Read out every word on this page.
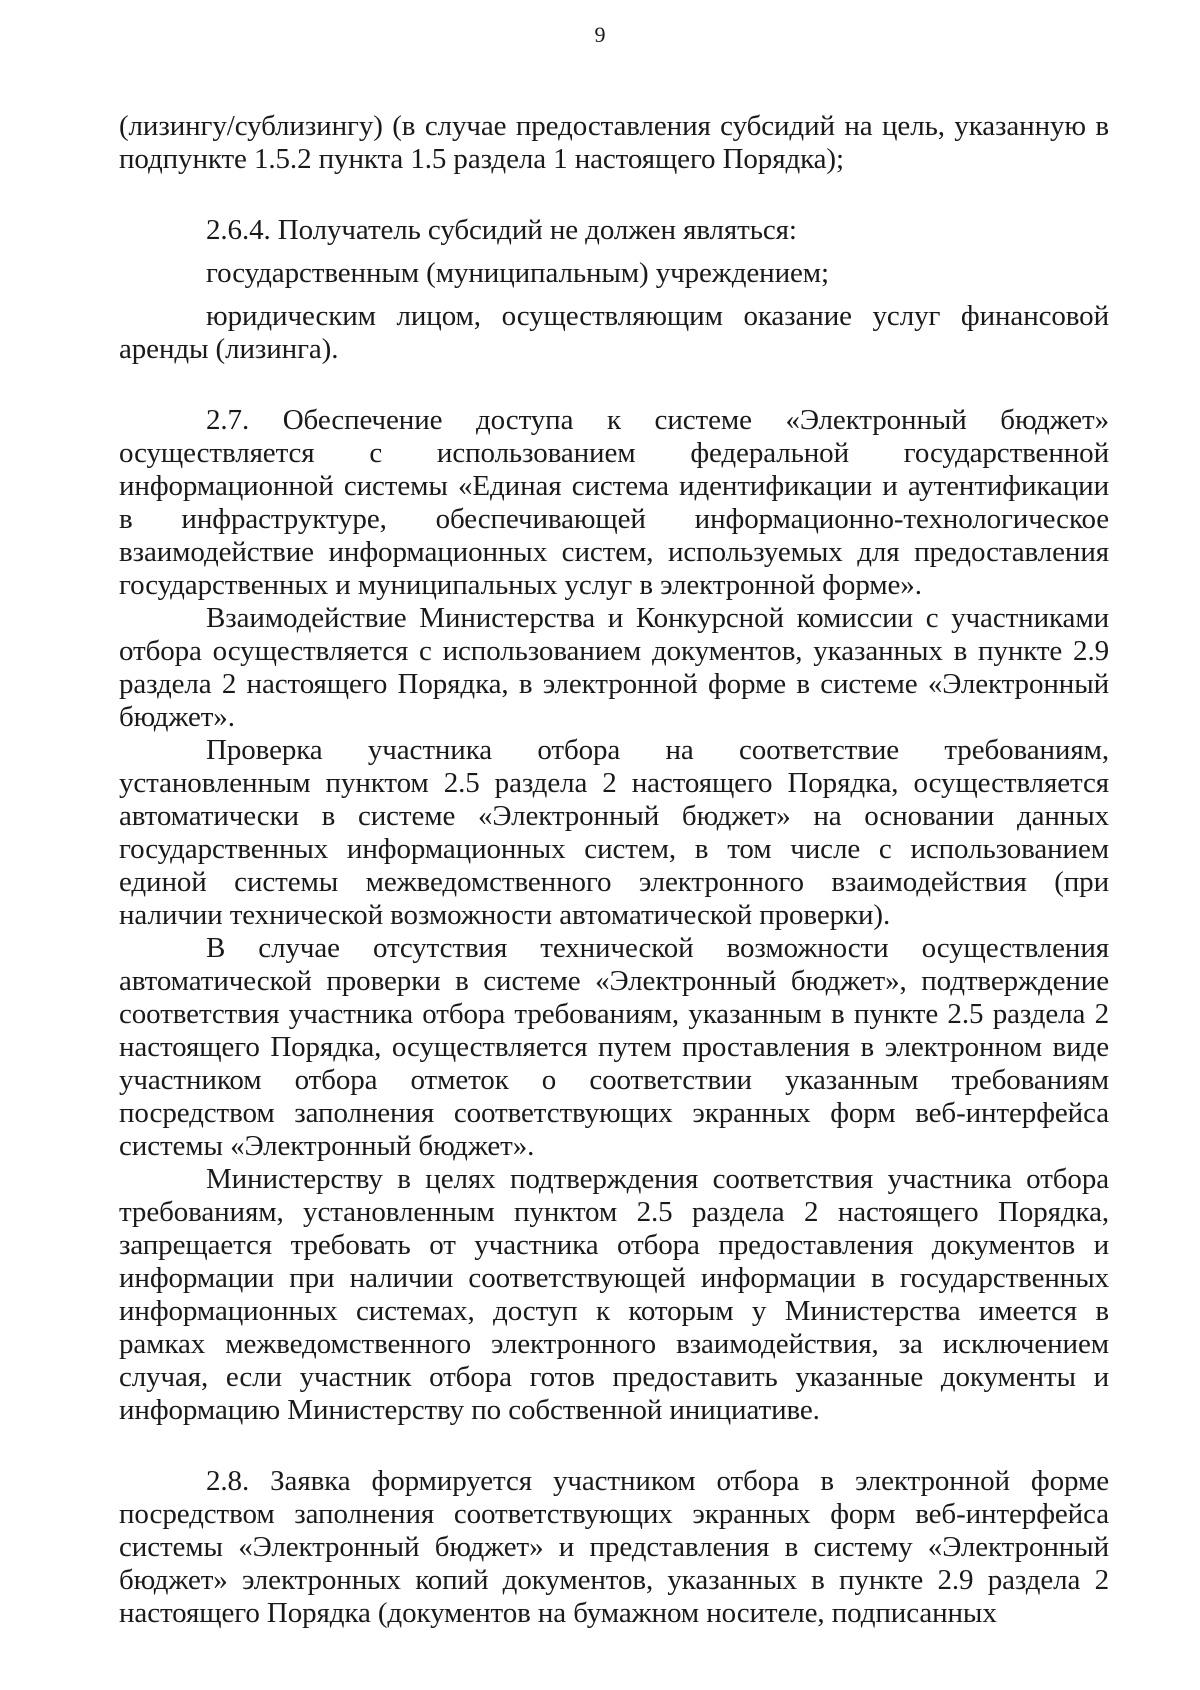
9

(лизингу/сублизингу) (в случае предоставления субсидий на цель, указанную в подпункте 1.5.2 пункта 1.5 раздела 1 настоящего Порядка);

2.6.4. Получатель субсидий не должен являться:

государственным (муниципальным) учреждением;

юридическим лицом, осуществляющим оказание услуг финансовой аренды (лизинга).

2.7. Обеспечение доступа к системе «Электронный бюджет» осуществляется с использованием федеральной государственной информационной системы «Единая система идентификации и аутентификации в инфраструктуре, обеспечивающей информационно-технологическое взаимодействие информационных систем, используемых для предоставления государственных и муниципальных услуг в электронной форме».

Взаимодействие Министерства и Конкурсной комиссии с участниками отбора осуществляется с использованием документов, указанных в пункте 2.9 раздела 2 настоящего Порядка, в электронной форме в системе «Электронный бюджет».

Проверка участника отбора на соответствие требованиям, установленным пунктом 2.5 раздела 2 настоящего Порядка, осуществляется автоматически в системе «Электронный бюджет» на основании данных государственных информационных систем, в том числе с использованием единой системы межведомственного электронного взаимодействия (при наличии технической возможности автоматической проверки).

В случае отсутствия технической возможности осуществления автоматической проверки в системе «Электронный бюджет», подтверждение соответствия участника отбора требованиям, указанным в пункте 2.5 раздела 2 настоящего Порядка, осуществляется путем проставления в электронном виде участником отбора отметок о соответствии указанным требованиям посредством заполнения соответствующих экранных форм веб-интерфейса системы «Электронный бюджет».

Министерству в целях подтверждения соответствия участника отбора требованиям, установленным пунктом 2.5 раздела 2 настоящего Порядка, запрещается требовать от участника отбора предоставления документов и информации при наличии соответствующей информации в государственных информационных системах, доступ к которым у Министерства имеется в рамках межведомственного электронного взаимодействия, за исключением случая, если участник отбора готов предоставить указанные документы и информацию Министерству по собственной инициативе.

2.8. Заявка формируется участником отбора в электронной форме посредством заполнения соответствующих экранных форм веб-интерфейса системы «Электронный бюджет» и представления в систему «Электронный бюджет» электронных копий документов, указанных в пункте 2.9 раздела 2 настоящего Порядка (документов на бумажном носителе, подписанных
